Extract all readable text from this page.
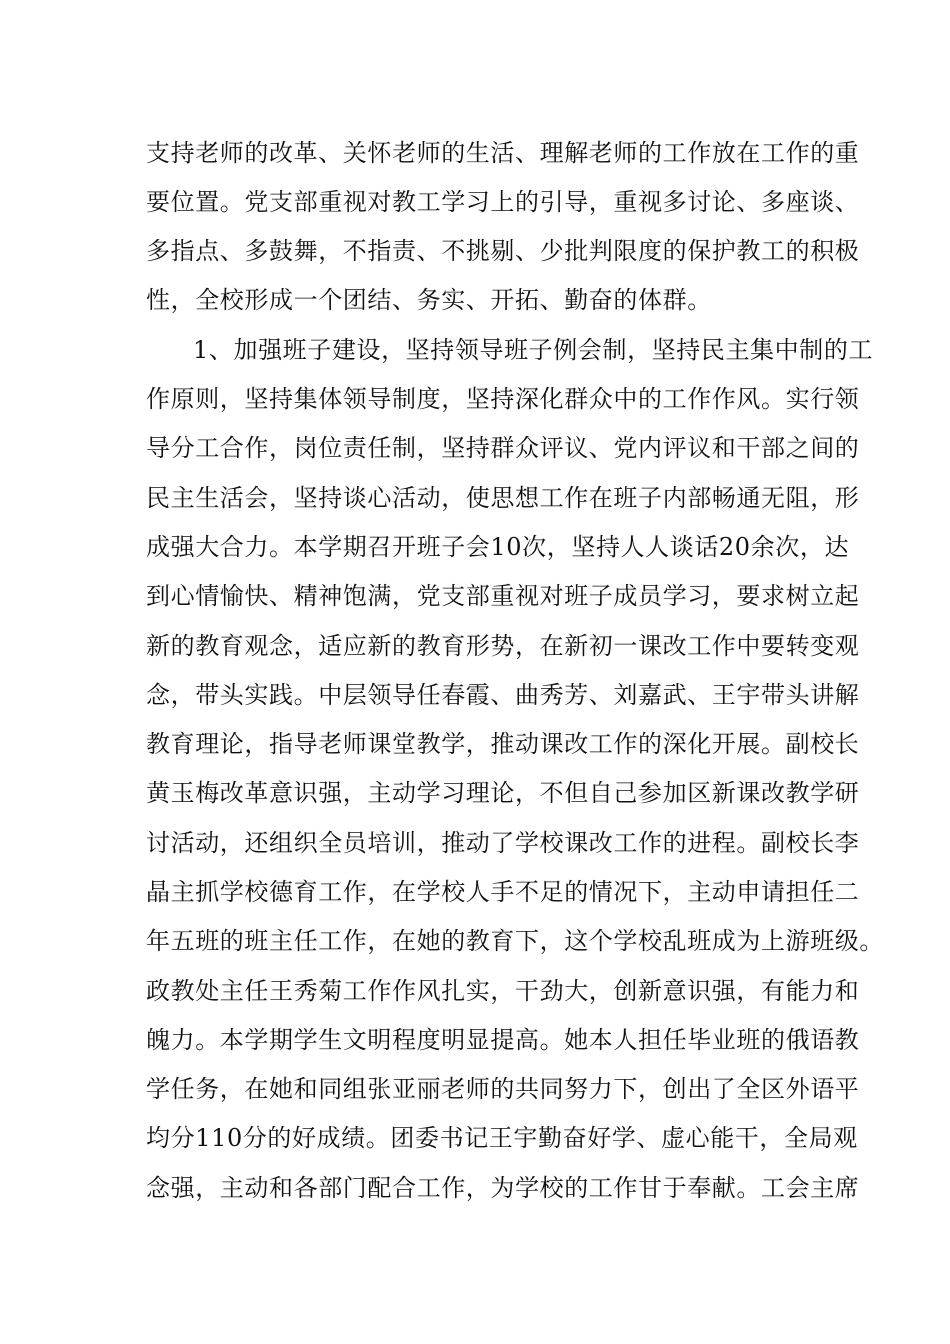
支持老师的改革、关怀老师的生活、理解老师的工作放在工作的重
要位置。党支部重视对教工学习上的引导，重视多讨论、多座谈、
多指点、多鼓舞，不指责、不挑剔、少批判限度的保护教工的积极
性，全校形成一个团结、务实、开拓、勤奋的体群。
1、加强班子建设，坚持领导班子例会制，坚持民主集中制的工
作原则，坚持集体领导制度，坚持深化群众中的工作作风。实行领
导分工合作，岗位责任制，坚持群众评议、党内评议和干部之间的
民主生活会，坚持谈心活动，使思想工作在班子内部畅通无阻，形
成强大合力。本学期召开班子会10次，坚持人人谈话20余次，达
到心情愉快、精神饱满，党支部重视对班子成员学习，要求树立起
新的教育观念，适应新的教育形势，在新初一课改工作中要转变观
念，带头实践。中层领导任春霞、曲秀芳、刘嘉武、王宇带头讲解
教育理论，指导老师课堂教学，推动课改工作的深化开展。副校长
黄玉梅改革意识强，主动学习理论，不但自己参加区新课改教学研
讨活动，还组织全员培训，推动了学校课改工作的进程。副校长李
晶主抓学校德育工作，在学校人手不足的情况下，主动申请担任二
年五班的班主任工作，在她的教育下，这个学校乱班成为上游班级。
政教处主任王秀菊工作作风扎实，干劲大，创新意识强，有能力和
魄力。本学期学生文明程度明显提高。她本人担任毕业班的俄语教
学任务，在她和同组张亚丽老师的共同努力下，创出了全区外语平
均分110分的好成绩。团委书记王宇勤奋好学、虚心能干，全局观
念强，主动和各部门配合工作，为学校的工作甘于奉献。工会主席
